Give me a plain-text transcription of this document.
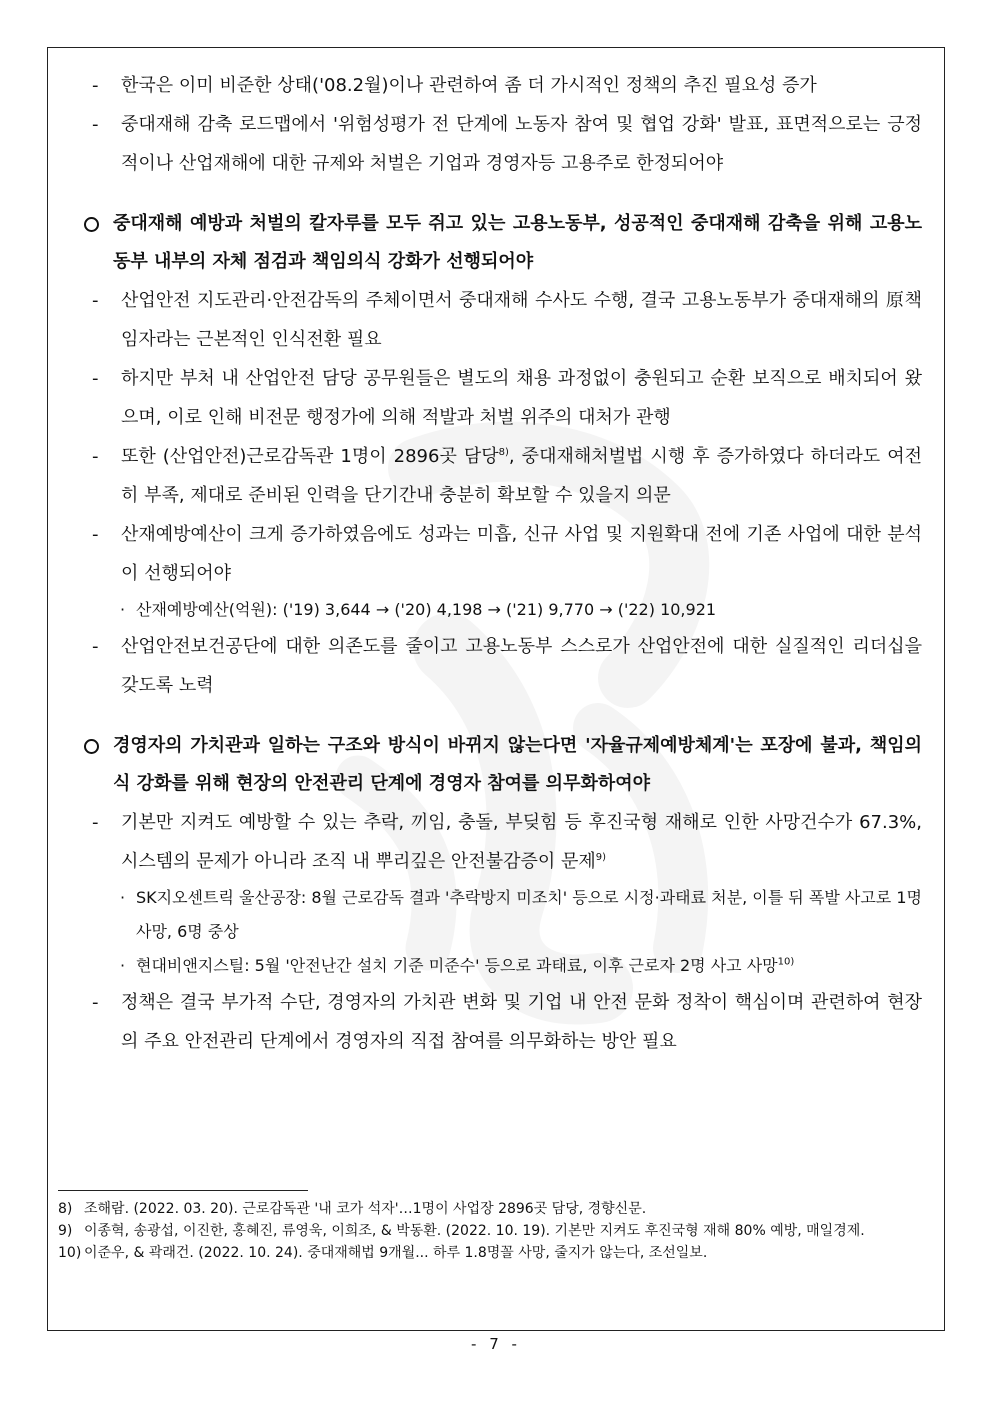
- 한국은 이미 비준한 상태('08.2월)이나 관련하여 좀 더 가시적인 정책의 추진 필요성 증가
- 중대재해 감축 로드맵에서 '위험성평가 전 단계에 노동자 참여 및 협업 강화' 발표, 표면적으로는 긍정적이나 산업재해에 대한 규제와 처벌은 기업과 경영자등 고용주로 한정되어야
중대재해 예방과 처벌의 칼자루를 모두 쥐고 있는 고용노동부, 성공적인 중대재해 감축을 위해 고용노동부 내부의 자체 점검과 책임의식 강화가 선행되어야
- 산업안전 지도관리·안전감독의 주체이면서 중대재해 수사도 수행, 결국 고용노동부가 중대재해의 原책임자라는 근본적인 인식전환 필요
- 하지만 부처 내 산업안전 담당 공무원들은 별도의 채용 과정없이 충원되고 순환 보직으로 배치되어 왔으며, 이로 인해 비전문 행정가에 의해 적발과 처벌 위주의 대처가 관행
- 또한 (산업안전)근로감독관 1명이 2896곳 담당$^{8)}$, 중대재해처벌법 시행 후 증가하였다 하더라도 여전히 부족, 제대로 준비된 인력을 단기간내 충분히 확보할 수 있을지 의문
- 산재예방예산이 크게 증가하였음에도 성과는 미흡, 신규 사업 및 지원확대 전에 기존 사업에 대한 분석이 선행되어야
· 산재예방예산(억원): ('19) 3,644 → ('20) 4,198 → ('21) 9,770 → ('22) 10,921
- 산업안전보건공단에 대한 의존도를 줄이고 고용노동부 스스로가 산업안전에 대한 실질적인 리더십을 갖도록 노력
경영자의 가치관과 일하는 구조와 방식이 바뀌지 않는다면 '자율규제예방체계'는 포장에 불과, 책임의식 강화를 위해 현장의 안전관리 단계에 경영자 참여를 의무화하여야
- 기본만 지켜도 예방할 수 있는 추락, 끼임, 충돌, 부딪힘 등 후진국형 재해로 인한 사망건수가 67.3%, 시스템의 문제가 아니라 조직 내 뿌리깊은 안전불감증이 문제$^{9)}$
· SK지오센트릭 울산공장: 8월 근로감독 결과 '추락방지 미조치' 등으로 시정·과태료 처분, 이틀 뒤 폭발 사고로 1명 사망, 6명 중상
· 현대비앤지스틸: 5월 '안전난간 설치 기준 미준수' 등으로 과태료, 이후 근로자 2명 사고 사망$^{10)}$
- 정책은 결국 부가적 수단, 경영자의 가치관 변화 및 기업 내 안전 문화 정착이 핵심이며 관련하여 현장의 주요 안전관리 단계에서 경영자의 직접 참여를 의무화하는 방안 필요
8) 조해람. (2022. 03. 20). 근로감독관 '내 코가 석자'…1명이 사업장 2896곳 담당, 경향신문.
9) 이종혁, 송광섭, 이진한, 홍혜진, 류영욱, 이희조, & 박동환. (2022. 10. 19). 기본만 지켜도 후진국형 재해 80% 예방, 매일경제.
10) 이준우, & 곽래건. (2022. 10. 24). 중대재해법 9개월... 하루 1.8명꼴 사망, 줄지가 않는다, 조선일보.
- 7 -
